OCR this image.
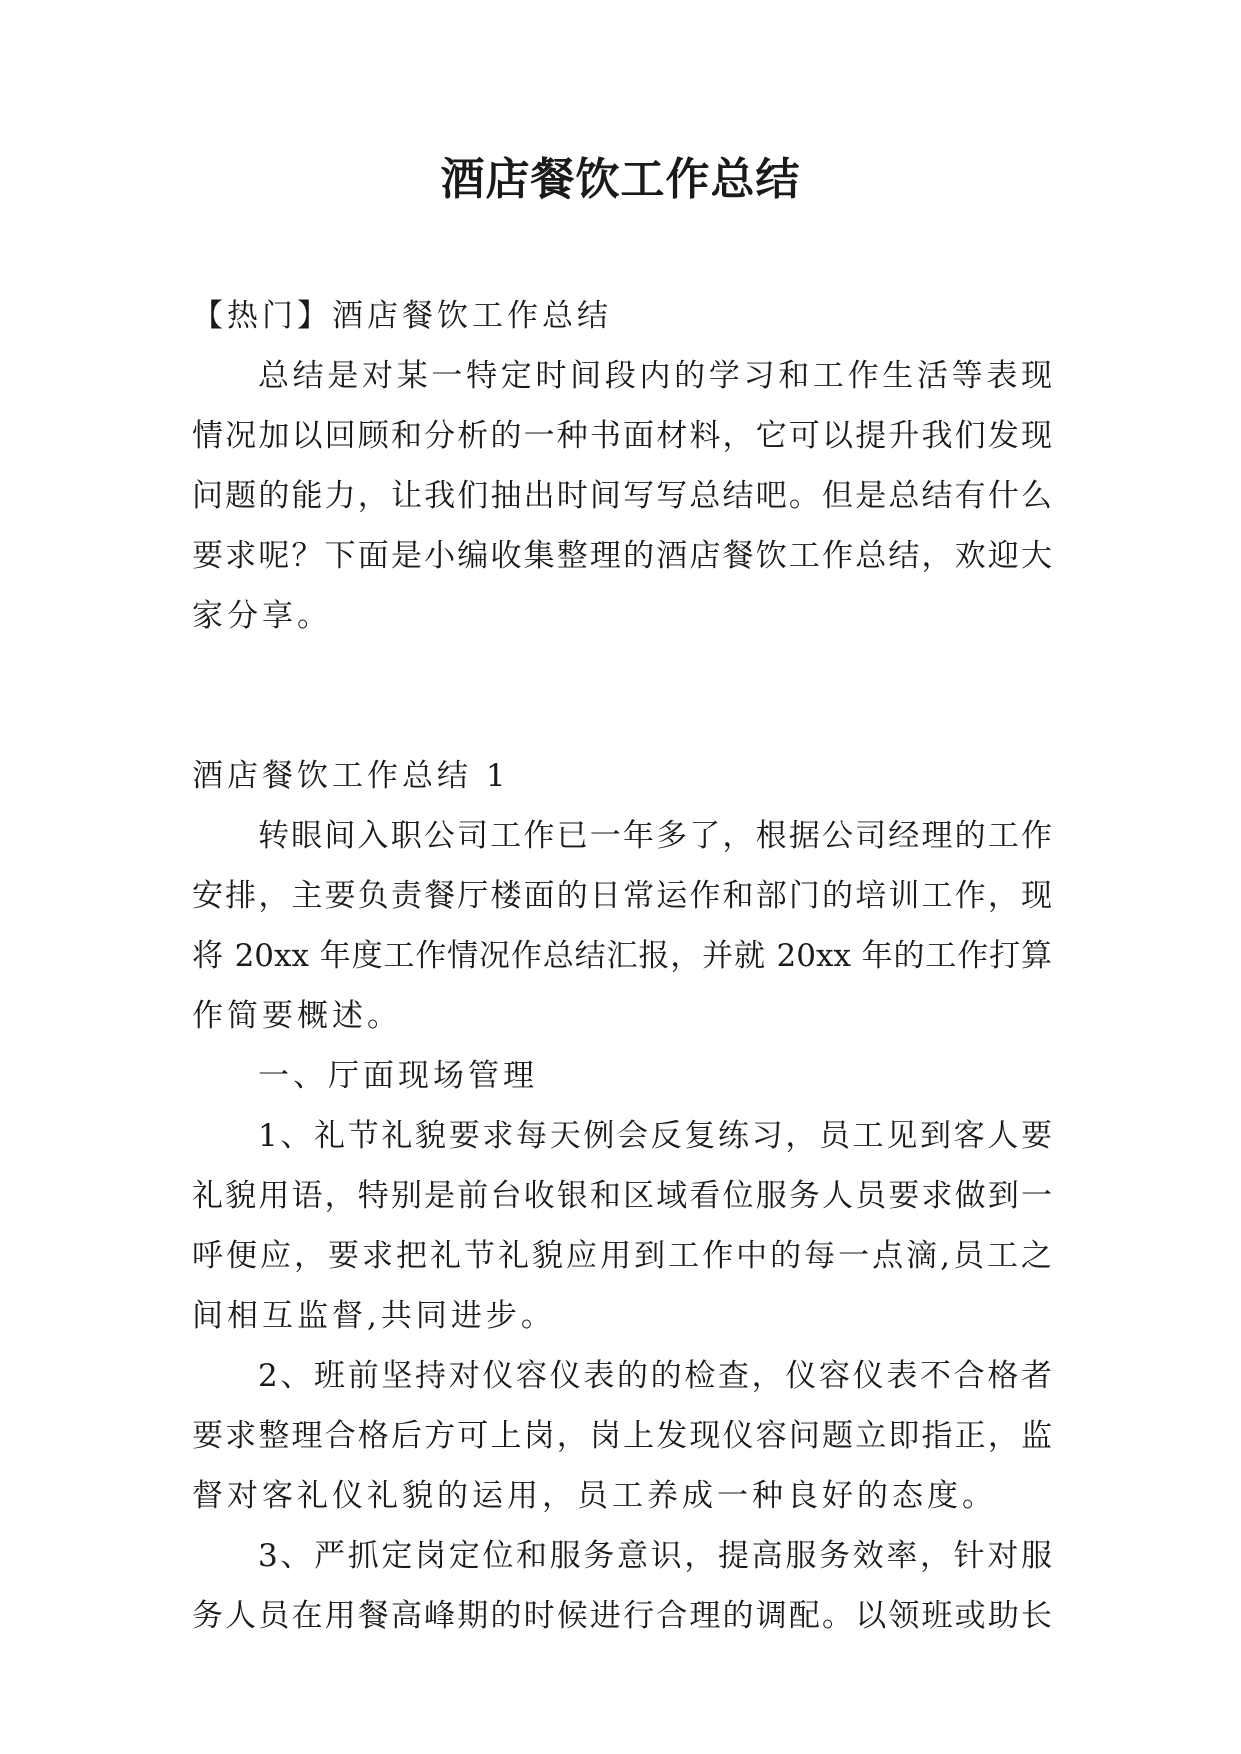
酒店餐饮工作总结

【热门】酒店餐饮工作总结

总结是对某一特定时间段内的学习和工作生活等表现

情况加以回顾和分析的一种书面材料，它可以提升我们发现

问题的能力，让我们抽出时间写写总结吧。但是总结有什么

要求呢？下面是小编收集整理的酒店餐饮工作总结，欢迎大

家分享。

酒店餐饮工作总结 1

转眼间入职公司工作已一年多了，根据公司经理的工作

安排，主要负责餐厅楼面的日常运作和部门的培训工作，现

将 20xx 年度工作情况作总结汇报，并就 20xx 年的工作打算

作简要概述。

一、厅面现场管理

1、礼节礼貌要求每天例会反复练习，员工见到客人要

礼貌用语，特别是前台收银和区域看位服务人员要求做到一

呼便应，要求把礼节礼貌应用到工作中的每一点滴,员工之

间相互监督,共同进步。

2、班前坚持对仪容仪表的的检查，仪容仪表不合格者

要求整理合格后方可上岗，岗上发现仪容问题立即指正，监

督对客礼仪礼貌的运用，员工养成一种良好的态度。

3、严抓定岗定位和服务意识，提高服务效率，针对服

务人员在用餐高峰期的时候进行合理的调配。以领班或助长
